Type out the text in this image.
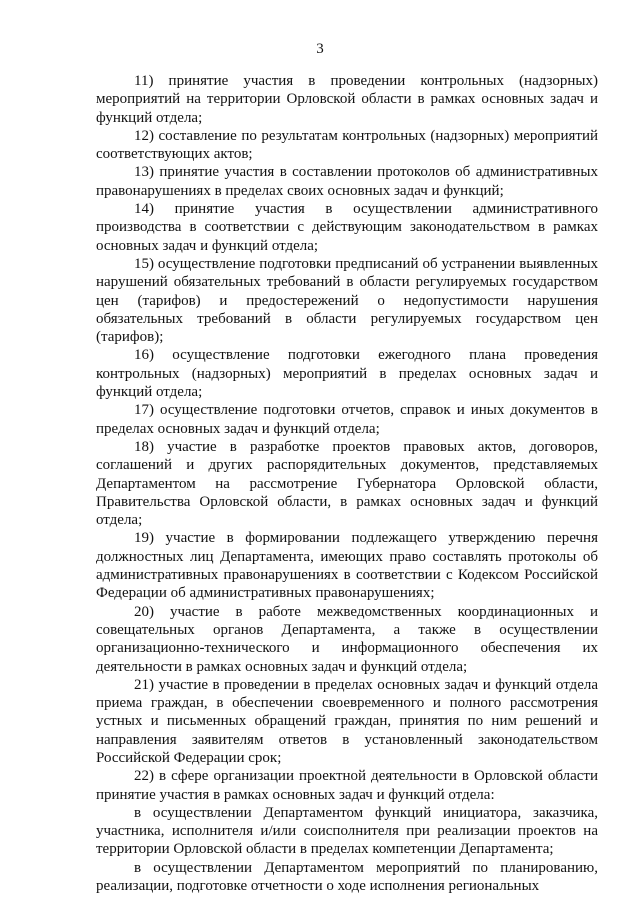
3

11) принятие участия в проведении контрольных (надзорных) мероприятий на территории Орловской области в рамках основных задач и функций отдела;

12) составление по результатам контрольных (надзорных) мероприятий соответствующих актов;

13) принятие участия в составлении протоколов об административных правонарушениях в пределах своих основных задач и функций;

14) принятие участия в осуществлении административного производства в соответствии с действующим законодательством в рамках основных задач и функций отдела;

15) осуществление подготовки предписаний об устранении выявленных нарушений обязательных требований в области регулируемых государством цен (тарифов) и предостережений о недопустимости нарушения обязательных требований в области регулируемых государством цен (тарифов);

16) осуществление подготовки ежегодного плана проведения контрольных (надзорных) мероприятий в пределах основных задач и функций отдела;

17) осуществление подготовки отчетов, справок и иных документов в пределах основных задач и функций отдела;

18) участие в разработке проектов правовых актов, договоров, соглашений и других распорядительных документов, представляемых Департаментом на рассмотрение Губернатора Орловской области, Правительства Орловской области, в рамках основных задач и функций отдела;

19) участие в формировании подлежащего утверждению перечня должностных лиц Департамента, имеющих право составлять протоколы об административных правонарушениях в соответствии с Кодексом Российской Федерации об административных правонарушениях;

20) участие в работе межведомственных координационных и совещательных органов Департамента, а также в осуществлении организационно-технического и информационного обеспечения их деятельности в рамках основных задач и функций отдела;

21) участие в проведении в пределах основных задач и функций отдела приема граждан, в обеспечении своевременного и полного рассмотрения устных и письменных обращений граждан, принятия по ним решений и направления заявителям ответов в установленный законодательством Российской Федерации срок;

22) в сфере организации проектной деятельности в Орловской области принятие участия в рамках основных задач и функций отдела:

в осуществлении Департаментом функций инициатора, заказчика, участника, исполнителя и/или соисполнителя при реализации проектов на территории Орловской области в пределах компетенции Департамента;

в осуществлении Департаментом мероприятий по планированию, реализации, подготовке отчетности о ходе исполнения региональных
